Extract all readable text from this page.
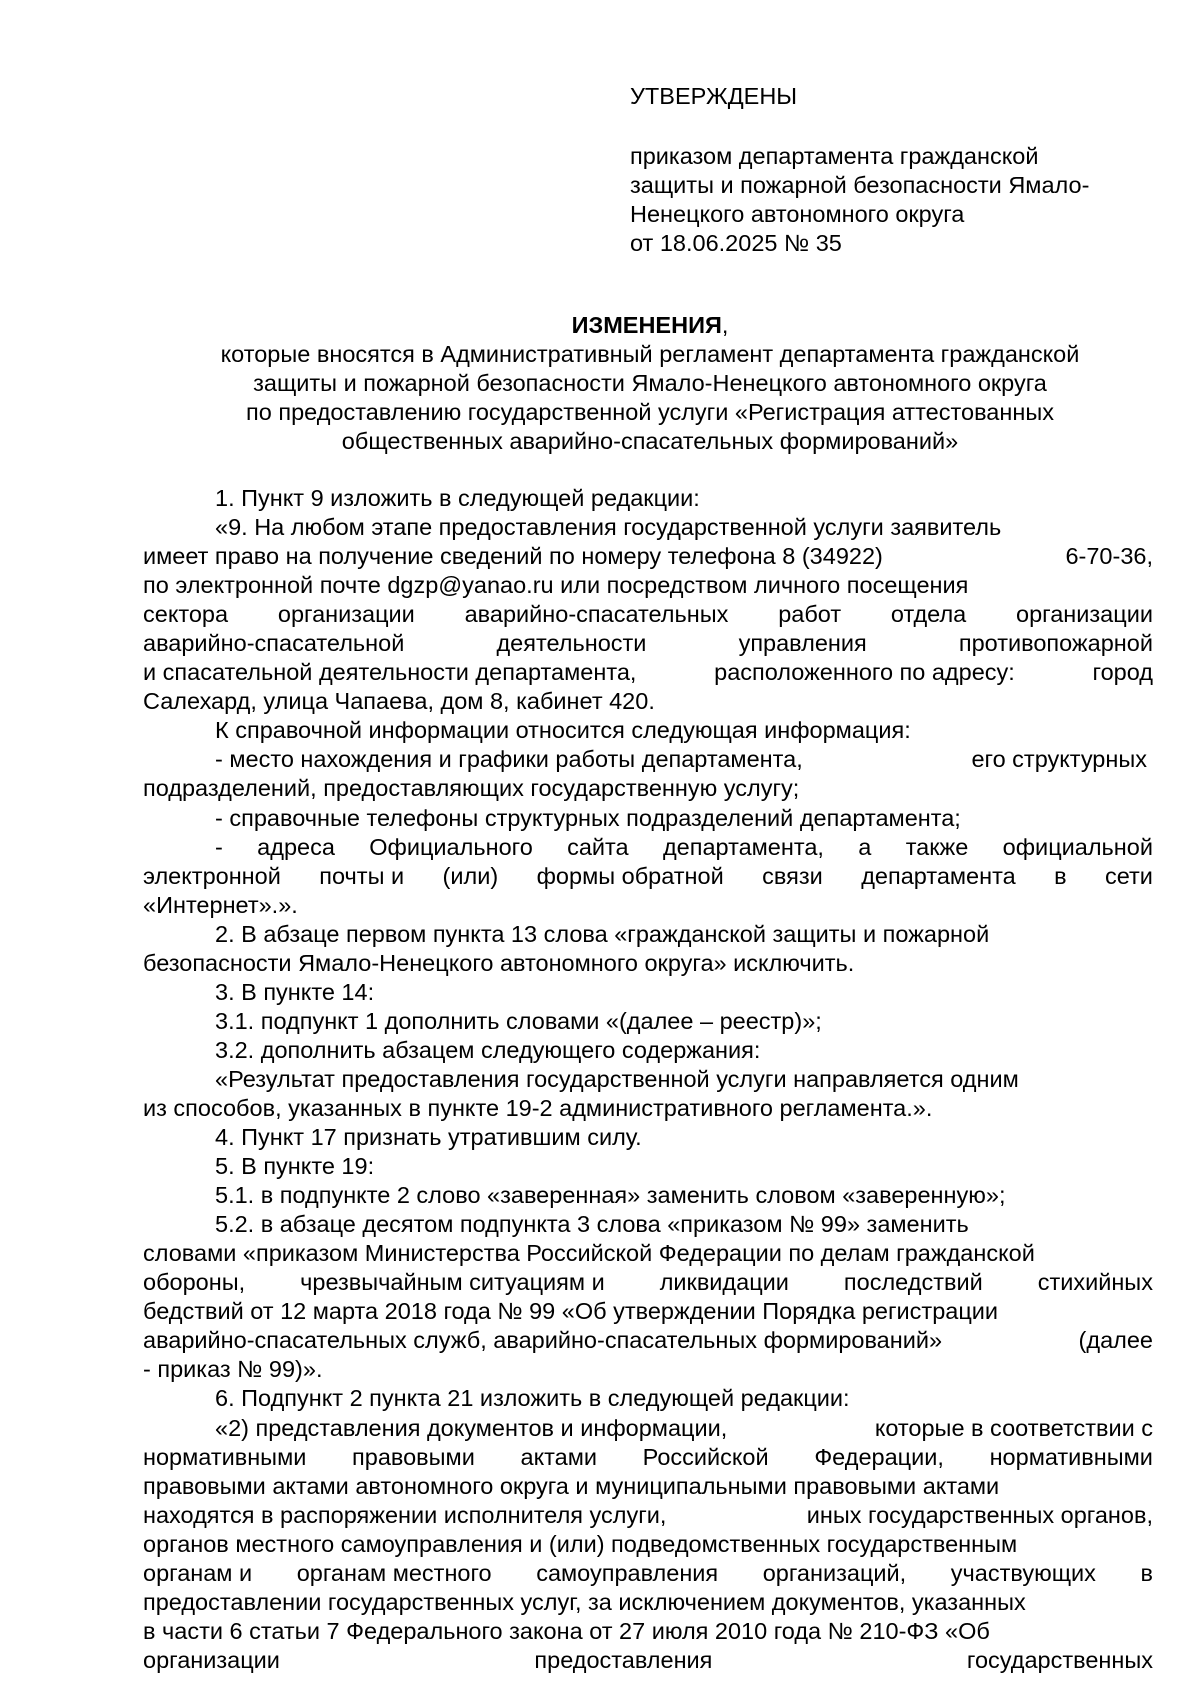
УТВЕРЖДЕНЫ
приказом департамента гражданской
защиты и пожарной безопасности Ямало-
Ненецкого автономного округа
от 18.06.2025 № 35
ИЗМЕНЕНИЯ,
которые вносятся в Административный регламент департамента гражданской
защиты и пожарной безопасности Ямало-Ненецкого автономного округа
по предоставлению государственной услуги «Регистрация аттестованных
общественных аварийно-спасательных формирований»
1. Пункт 9 изложить в следующей редакции:
«9. На любом этапе предоставления государственной услуги заявитель
имеет право на получение сведений по номеру телефона 8 (34922)	6-70-36,
по электронной почте dgzp@yanao.ru или посредством личного посещения
сектора организации аварийно-спасательных работ отдела организации
аварийно-спасательной	деятельности	управления	противопожарной
и спасательной деятельности департамента,	расположенного по адресу:	город
Салехард, улица Чапаева, дом 8, кабинет 420.
К справочной информации относится следующая информация:
- место нахождения и графики работы департамента,	его структурных
подразделений, предоставляющих государственную услугу;
- справочные телефоны структурных подразделений департамента;
- адреса Официального сайта департамента, а также официальной
электронной почты и (или) формы обратной связи департамента в сети
«Интернет».».
2. В абзаце первом пункта 13 слова «гражданской защиты и пожарной
безопасности Ямало-Ненецкого автономного округа» исключить.
3. В пункте 14:
3.1. подпункт 1 дополнить словами «(далее – реестр)»;
3.2. дополнить абзацем следующего содержания:
«Результат предоставления государственной услуги направляется одним
из способов, указанных в пункте 19-2 административного регламента.».
4. Пункт 17 признать утратившим силу.
5. В пункте 19:
5.1. в подпункте 2 слово «заверенная» заменить словом «заверенную»;
5.2. в абзаце десятом подпункта 3 слова «приказом № 99» заменить
словами «приказом Министерства Российской Федерации по делам гражданской
обороны, чрезвычайным ситуациям и ликвидации последствий стихийных
бедствий от 12 марта 2018 года № 99 «Об утверждении Порядка регистрации
аварийно-спасательных служб, аварийно-спасательных формирований»	(далее
- приказ № 99)».
6. Подпункт 2 пункта 21 изложить в следующей редакции:
«2) представления документов и информации,	которые в соответствии с
нормативными правовыми актами Российской Федерации, нормативными
правовыми актами автономного округа и муниципальными правовыми актами
находятся в распоряжении исполнителя услуги,	иных государственных органов,
органов местного самоуправления и (или) подведомственных государственным
органам и органам местного самоуправления организаций, участвующих в
предоставлении государственных услуг, за исключением документов, указанных
в части 6 статьи 7 Федерального закона от 27 июля 2010 года № 210-ФЗ «Об
организации	предоставления	государственных
